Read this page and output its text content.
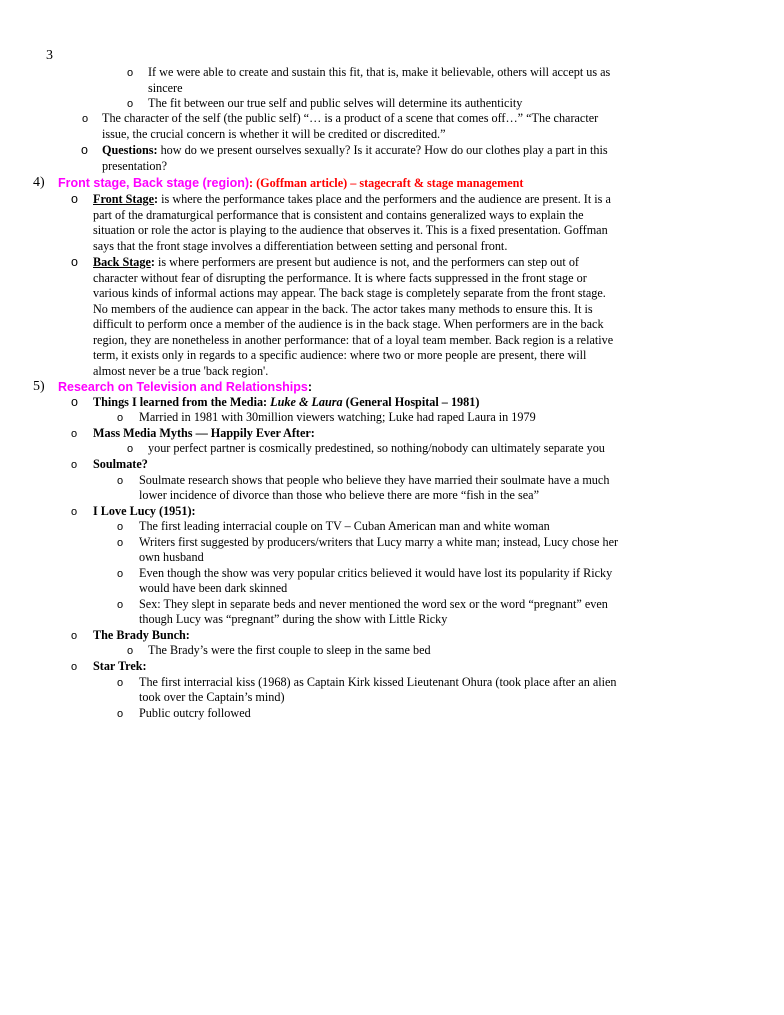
3
o If we were able to create and sustain this fit, that is, make it believable, others will accept us as
sincere
o The fit between our true self and public selves will determine its authenticity
o The character of the self (the public self) “… is a product of a scene that comes off…” “The character
issue, the crucial concern is whether it will be credited or discredited.”
o Questions: how do we present ourselves sexually? Is it accurate? How do our clothes play a part in this
presentation?
4) Front stage, Back stage (region): (Goffman article) – stagecraft & stage management
o Front Stage: is where the performance takes place and the performers and the audience are present. It is a
part of the dramaturgical performance that is consistent and contains generalized ways to explain the
situation or role the actor is playing to the audience that observes it. This is a fixed presentation. Goffman
says that the front stage involves a differentiation between setting and personal front.
o Back Stage: is where performers are present but audience is not, and the performers can step out of
character without fear of disrupting the performance. It is where facts suppressed in the front stage or
various kinds of informal actions may appear. The back stage is completely separate from the front stage.
No members of the audience can appear in the back. The actor takes many methods to ensure this. It is
difficult to perform once a member of the audience is in the back stage. When performers are in the back
region, they are nonetheless in another performance: that of a loyal team member. Back region is a relative
term, it exists only in regards to a specific audience: where two or more people are present, there will
almost never be a true 'back region'.
5) Research on Television and Relationships:
o Things I learned from the Media: Luke & Laura (General Hospital – 1981)
o Married in 1981 with 30million viewers watching; Luke had raped Laura in 1979
o Mass Media Myths — Happily Ever After:
o your perfect partner is cosmically predestined, so nothing/nobody can ultimately separate you
o Soulmate?
o Soulmate research shows that people who believe they have married their soulmate have a much
lower incidence of divorce than those who believe there are more “fish in the sea”
o I Love Lucy (1951):
o The first leading interracial couple on TV – Cuban American man and white woman
o Writers first suggested by producers/writers that Lucy marry a white man; instead, Lucy chose her
own husband
o Even though the show was very popular critics believed it would have lost its popularity if Ricky
would have been dark skinned
o Sex: They slept in separate beds and never mentioned the word sex or the word “pregnant” even
though Lucy was “pregnant” during the show with Little Ricky
o The Brady Bunch:
o The Brady’s were the first couple to sleep in the same bed
o Star Trek:
o The first interracial kiss (1968) as Captain Kirk kissed Lieutenant Ohura (took place after an alien
took over the Captain’s mind)
o Public outcry followed
